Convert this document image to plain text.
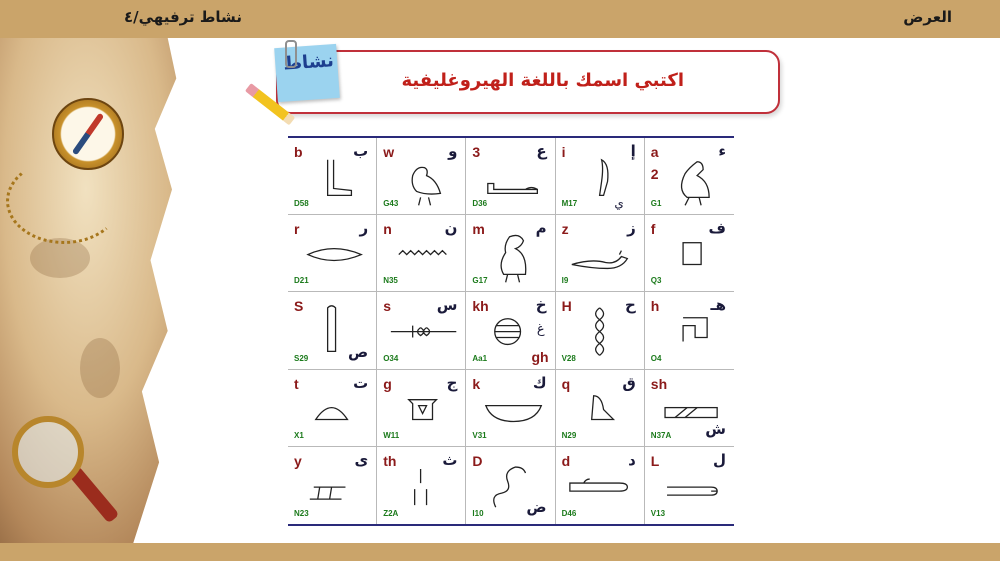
نشاط ترفيهي/٤	العرض
اكتبي اسمك باللغة الهيروغليفية
نشاط
b	ب
D58
w	و
G43
3	ع
D36
i	إ
M17	ي
a	ء
G1
2
r	ر
D21
n	ن
N35
m	م
G17
z	ز
I9
f	ف
Q3
S
ص
S29
s	س
O34
kh	خ
Aa1	gh
غ
H	ح
V28
h	هـ
O4
t	ت
X1
g	ج
W11
k	ك
V31
q	ق
N29
sh
ش
N37A
y	ى
N23
th	ث
Z2A
D
ض
I10
d	د
D46
L	ل
V13
